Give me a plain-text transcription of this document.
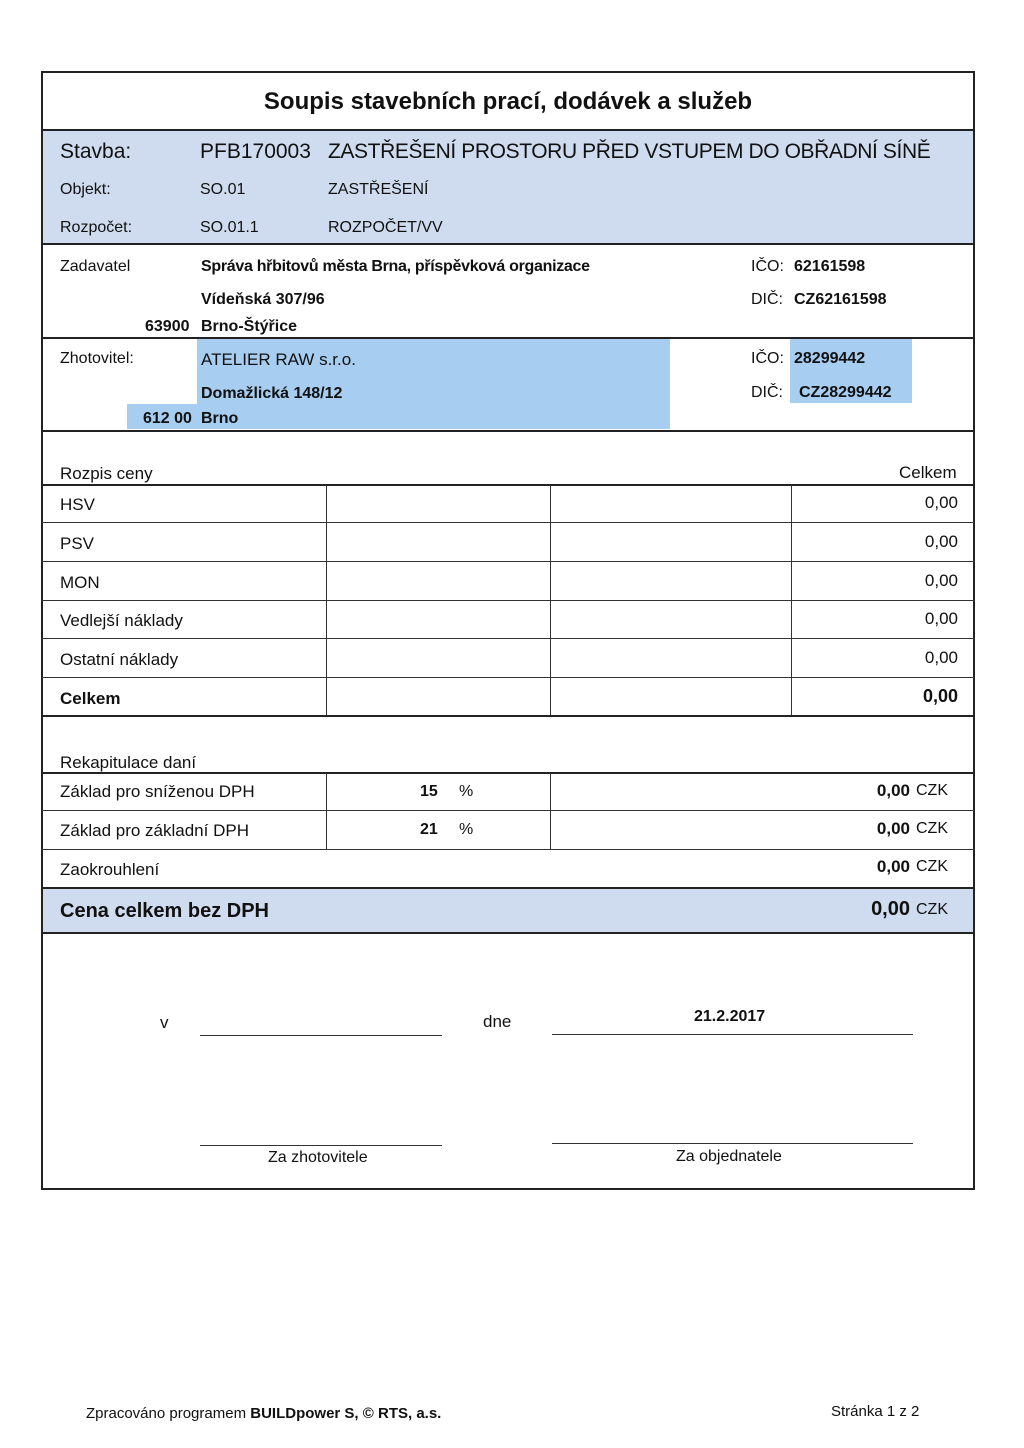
Soupis stavebních prací, dodávek a služeb
Stavba:	PFB170003 ZASTŘEŠENÍ PROSTORU PŘED VSTUPEM DO OBŘADNÍ SÍNĚ
Objekt:	SO.01	ZASTŘEŠENÍ
Rozpočet:	SO.01.1	ROZPOČET/VV
Zadavatel	Správa hřbitovů města Brna, příspěvková organizace
Vídeňská 307/96
63900 Brno-Štýřice
IČO: 62161598
DIČ: CZ62161598
Zhotovitel:	ATELIER RAW s.r.o.
Domažlická 148/12
612 00 Brno
IČO: 28299442
DIČ: CZ28299442
Rozpis ceny	Celkem
HSV	0,00
PSV	0,00
MON	0,00
Vedlejší náklady	0,00
Ostatní náklady	0,00
Celkem	0,00
Rekapitulace daní
Základ pro sníženou DPH	15 %	0,00 CZK
Základ pro základní DPH	21 %	0,00 CZK
Zaokrouhlení	0,00 CZK
Cena celkem bez DPH	0,00 CZK
v	dne	21.2.2017
Za zhotovitele	Za objednatele
Zpracováno programem BUILDpower S, © RTS, a.s.	Stránka 1 z 2
